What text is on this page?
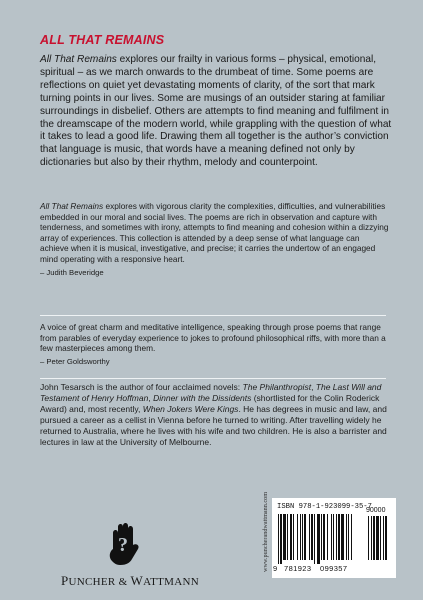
ALL THAT REMAINS
All That Remains explores our frailty in various forms – physical, emotional, spiritual – as we march onwards to the drumbeat of time. Some poems are reflections on quiet yet devastating moments of clarity, of the sort that mark turning points in our lives. Some are musings of an outsider staring at familiar surroundings in disbelief. Others are attempts to find meaning and fulfilment in the dreamscape of the modern world, while grappling with the question of what it takes to lead a good life. Drawing them all together is the author’s conviction that language is music, that words have a meaning defined not only by dictionaries but also by their rhythm, melody and counterpoint.
All That Remains explores with vigorous clarity the complexities, difficulties, and vulnerabilities embedded in our moral and social lives. The poems are rich in observation and capture with tenderness, and sometimes with irony, attempts to find meaning and cohesion within a dizzying array of experiences. This collection is attended by a deep sense of what language can achieve when it is musical, investigative, and precise; it carries the undertow of an engaged mind operating with a responsive heart.
– Judith Beveridge
A voice of great charm and meditative intelligence, speaking through prose poems that range from parables of everyday experience to jokes to profound philosophical riffs, with more than a few masterpieces among them.
– Peter Goldsworthy
John Tesarsch is the author of four acclaimed novels: The Philanthropist, The Last Will and Testament of Henry Hoffman, Dinner with the Dissidents (shortlisted for the Colin Roderick Award) and, most recently, When Jokers Were Kings. He has degrees in music and law, and pursued a career as a cellist in Vienna before he turned to writing. After travelling widely he returned to Australia, where he lives with his wife and two children. He is also a barrister and lectures in law at the University of Melbourne.
?
PUNCHER & WATTMANN
www.puncherandwattmann.com ISBN 978-1-923099-35-7
9 781923 099357
90000
